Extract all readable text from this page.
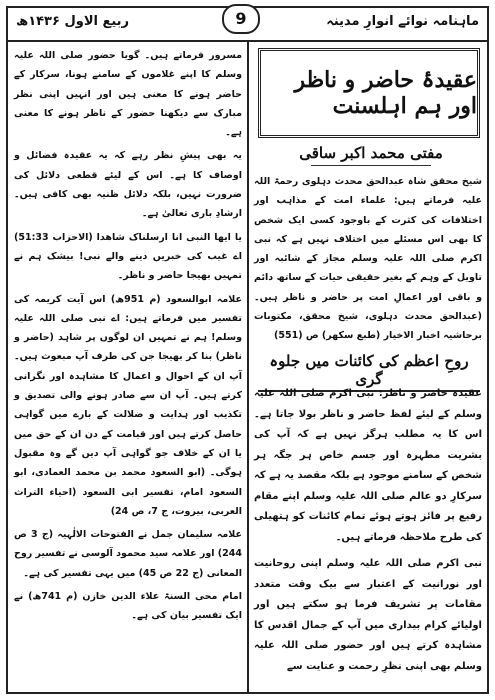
ربیع الاول ۱۴۳۶ھ	ماہنامہ نوائے انوارِ مدینہ
9
عقیدۂ حاضر و ناظر اور ہم اہلسنت
مفتی محمد اکبر ساقی

شیخ محقق شاہ عبدالحق محدث دہلوی رحمۃ اللہ علیہ فرماتے ہیں: علماء امت کے مذاہب اور اختلافات کی کثرت کے باوجود کسی ایک شخص کا بھی اس مسئلے میں اختلاف نہیں ہے کہ نبی اکرم صلی اللہ علیہ وسلم مجاز کے شائبہ اور تاویل کے وہم کے بغیر حقیقی حیات کے ساتھ دائم و باقی اور اعمالِ امت پر حاضر و ناظر ہیں۔ (عبدالحق محدث دہلوی، شیخ محقق، مکتوبات برحاشیہ اخبار الاخیار (طبع سکھر) ص (551)

روحِ اعظم کی کائنات میں جلوہ گری

عقیدہ حاضر و ناظر: نبی اکرم صلی اللہ علیہ وسلم کے لیئے لفظ حاضر و ناظر بولا جاتا ہے۔ اس کا یہ مطلب ہرگز نہیں ہے کہ آپ کی بشریت مطہرہ اور جسم خاص ہر جگہ ہر شخص کے سامنے موجود ہے بلکہ مقصد یہ ہے کہ سرکارِ دو عالم صلی اللہ علیہ وسلم اپنے مقام رفیع پر فائز ہوتے ہوئے تمام کائنات کو ہتھیلی کی طرح ملاحظہ فرماتے ہیں۔

نبی اکرم صلی اللہ علیہ وسلم اپنی روحانیت اور نورانیت کے اعتبار سے بیک وقت متعدد مقامات پر تشریف فرما ہو سکتے ہیں اور اولیائے کرام بیداری میں آپ کے جمال اقدس کا مشاہدہ کرتے ہیں اور حضور صلی اللہ علیہ وسلم بھی اپنی نظرِ رحمت و عنایت سے

مسرور فرماتے ہیں۔ گویا حضور صلی اللہ علیہ وسلم کا اپنے غلاموں کے سامنے ہونا، سرکار کے حاضر ہونے کا معنی ہیں اور انہیں اپنی نظر مبارک سے دیکھنا حضور کے ناظر ہونے کا معنی ہے۔

یہ بھی پیشِ نظر رہے کہ یہ عقیدہ فضائل و اوصاف کا ہے۔ اس کے لیئے قطعی دلائل کی ضرورت نہیں، بلکہ دلائل ظنیہ بھی کافی ہیں۔ ارشادِ باری تعالیٰ ہے۔

یا ایھا النبی انا ارسلناک شاھدا (الاحزاب 51:33) اے غیب کی خبریں دینے والے نبی! بیشک ہم نے تمہیں بھیجا حاضر و ناظر۔

علامہ ابوالسعود (م 951ھ) اس آیت کریمہ کی تفسیر میں فرماتے ہیں: اے نبی صلی اللہ علیہ وسلم! ہم نے تمہیں ان لوگوں پر شاہد (حاضر و ناظر) بنا کر بھیجا جن کی طرف آپ مبعوث ہیں۔ آپ ان کے احوال و اعمال کا مشاہدہ اور نگرانی کرتے ہیں۔ آپ ان سے صادر ہونے والی تصدیق و تکذیب اور ہدایت و ضلالت کے بارے میں گواہی حاصل کرتے ہیں اور قیامت کے دن ان کے حق میں یا ان کے خلاف جو گواہی آپ دیں گے وہ مقبول ہوگی۔ (ابو السعود محمد بن محمد العمادی، ابو السعود امام، تفسیر ابی السعود (احیاء التراث العربی، بیروت، ج 7، ص 24)

علامہ سلیمان جمل نے الفتوحات الالٰہیہ (ج 3 ص 244) اور علامہ سید محمود آلوسی نے تفسیر روح المعانی (ج 22 ص 45) میں یہی تفسیر کی ہے۔

امام محی السنۃ علاء الدین خازن (م 741ھ) نے ایک تفسیر بیان کی ہے۔
